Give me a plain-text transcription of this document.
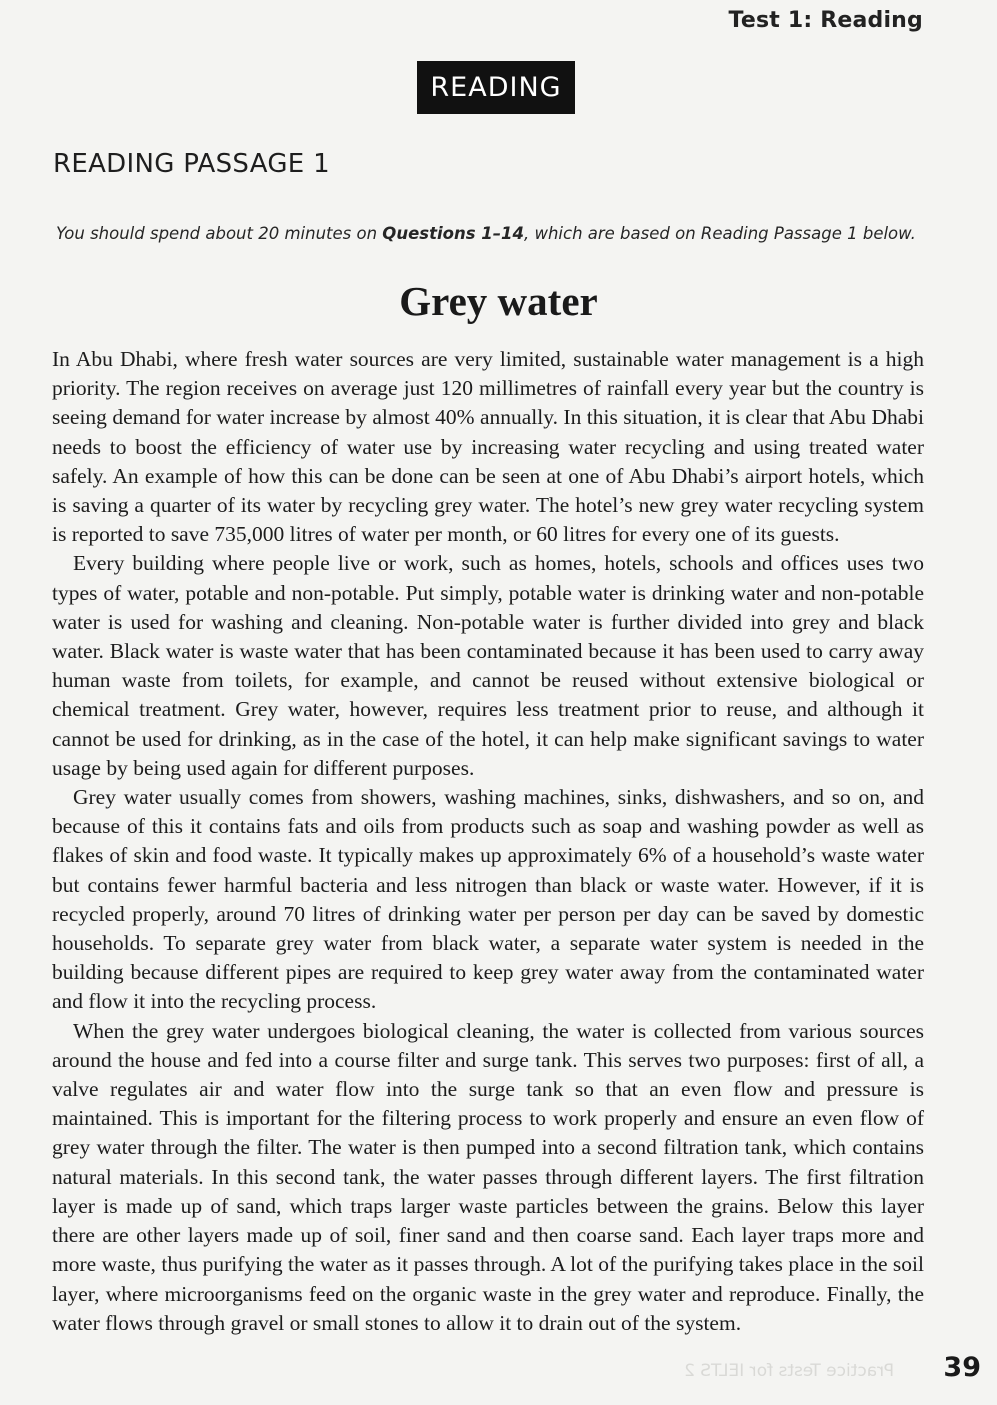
Test 1: Reading
READING
READING PASSAGE 1
You should spend about 20 minutes on Questions 1–14, which are based on Reading Passage 1 below.
Grey water

In Abu Dhabi, where fresh water sources are very limited, sustainable water management is a high priority. The region receives on average just 120 millimetres of rainfall every year but the country is seeing demand for water increase by almost 40% annually. In this situation, it is clear that Abu Dhabi needs to boost the efficiency of water use by increasing water recycling and using treated water safely. An example of how this can be done can be seen at one of Abu Dhabi’s airport hotels, which is saving a quarter of its water by recycling grey water. The hotel’s new grey water recycling system is reported to save 735,000 litres of water per month, or 60 litres for every one of its guests.

Every building where people live or work, such as homes, hotels, schools and offices uses two types of water, potable and non-potable. Put simply, potable water is drinking water and non-potable water is used for washing and cleaning. Non-potable water is further divided into grey and black water. Black water is waste water that has been contaminated because it has been used to carry away human waste from toilets, for example, and cannot be reused without extensive biological or chemical treatment. Grey water, however, requires less treatment prior to reuse, and although it cannot be used for drinking, as in the case of the hotel, it can help make significant savings to water usage by being used again for different purposes.

Grey water usually comes from showers, washing machines, sinks, dishwashers, and so on, and because of this it contains fats and oils from products such as soap and washing powder as well as flakes of skin and food waste. It typically makes up approximately 6% of a household’s waste water but contains fewer harmful bacteria and less nitrogen than black or waste water. However, if it is recycled properly, around 70 litres of drinking water per person per day can be saved by domestic households. To separate grey water from black water, a separate water system is needed in the building because different pipes are required to keep grey water away from the contaminated water and flow it into the recycling process.

When the grey water undergoes biological cleaning, the water is collected from various sources around the house and fed into a course filter and surge tank. This serves two purposes: first of all, a valve regulates air and water flow into the surge tank so that an even flow and pressure is maintained. This is important for the filtering process to work properly and ensure an even flow of grey water through the filter. The water is then pumped into a second filtration tank, which contains natural materials. In this second tank, the water passes through different layers. The first filtration layer is made up of sand, which traps larger waste particles between the grains. Below this layer there are other layers made up of soil, finer sand and then coarse sand. Each layer traps more and more waste, thus purifying the water as it passes through. A lot of the purifying takes place in the soil layer, where microorganisms feed on the organic waste in the grey water and reproduce. Finally, the water flows through gravel or small stones to allow it to drain out of the system.

Practice Tests for IELTS 2 39
